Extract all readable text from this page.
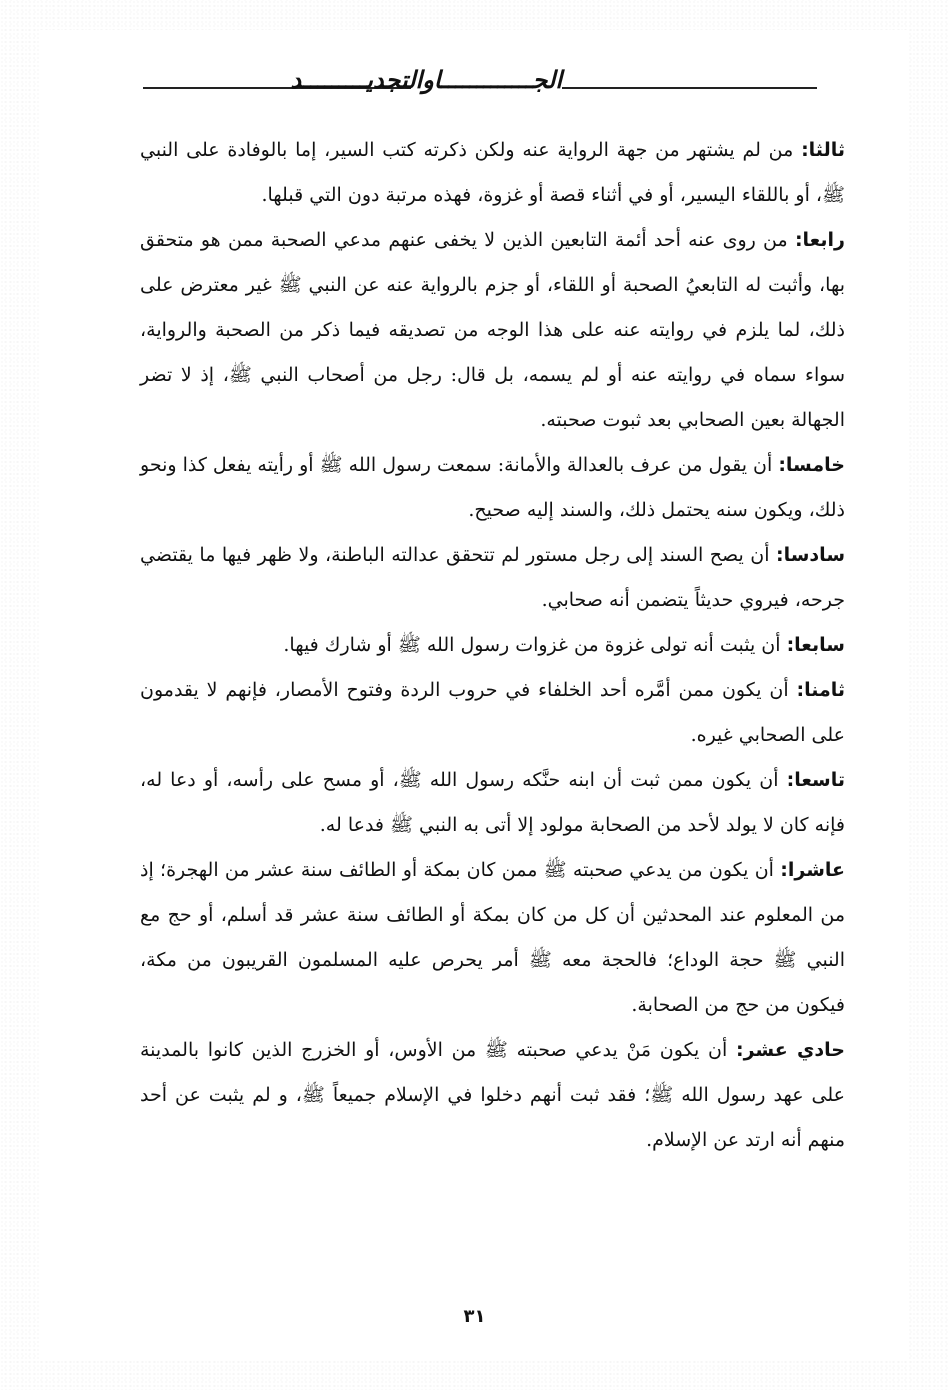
الجـــــــــــــاوالتجديـــــــــد

ثالثا: من لم يشتهر من جهة الرواية عنه ولكن ذكرته كتب السير، إما بالوفادة على النبي ﷺ، أو باللقاء اليسير، أو في أثناء قصة أو غزوة، فهذه مرتبة دون التي قبلها.

رابعا: من روى عنه أحد أئمة التابعين الذين لا يخفى عنهم مدعي الصحبة ممن هو متحقق بها، وأثبت له التابعيُ الصحبة أو اللقاء، أو جزم بالرواية عنه عن النبي ﷺ غير معترض على ذلك، لما يلزم في روايته عنه على هذا الوجه من تصديقه فيما ذكر من الصحبة والرواية، سواء سماه في روايته عنه أو لم يسمه، بل قال: رجل من أصحاب النبي ﷺ، إذ لا تضر الجهالة بعين الصحابي بعد ثبوت صحبته.

خامسا: أن يقول من عرف بالعدالة والأمانة: سمعت رسول الله ﷺ أو رأيته يفعل كذا ونحو ذلك، ويكون سنه يحتمل ذلك، والسند إليه صحيح.

سادسا: أن يصح السند إلى رجل مستور لم تتحقق عدالته الباطنة، ولا ظهر فيها ما يقتضي جرحه، فيروي حديثاً يتضمن أنه صحابي.

سابعا: أن يثبت أنه تولى غزوة من غزوات رسول الله ﷺ أو شارك فيها.

ثامنا: أن يكون ممن أمَّره أحد الخلفاء في حروب الردة وفتوح الأمصار، فإنهم لا يقدمون على الصحابي غيره.

تاسعا: أن يكون ممن ثبت أن ابنه حنَّكه رسول الله ﷺ، أو مسح على رأسه، أو دعا له، فإنه كان لا يولد لأحد من الصحابة مولود إلا أتى به النبي ﷺ فدعا له.

عاشرا: أن يكون من يدعي صحبته ﷺ ممن كان بمكة أو الطائف سنة عشر من الهجرة؛ إذ من المعلوم عند المحدثين أن كل من كان بمكة أو الطائف سنة عشر قد أسلم، أو حج مع النبي ﷺ حجة الوداع؛ فالحجة معه ﷺ أمر يحرص عليه المسلمون القريبون من مكة، فيكون من حج من الصحابة.

حادي عشر: أن يكون مَنْ يدعي صحبته ﷺ من الأوس، أو الخزرج الذين كانوا بالمدينة على عهد رسول الله ﷺ؛ فقد ثبت أنهم دخلوا في الإسلام جميعاً ﷺ، و لم يثبت عن أحد منهم أنه ارتد عن الإسلام.

٣١
